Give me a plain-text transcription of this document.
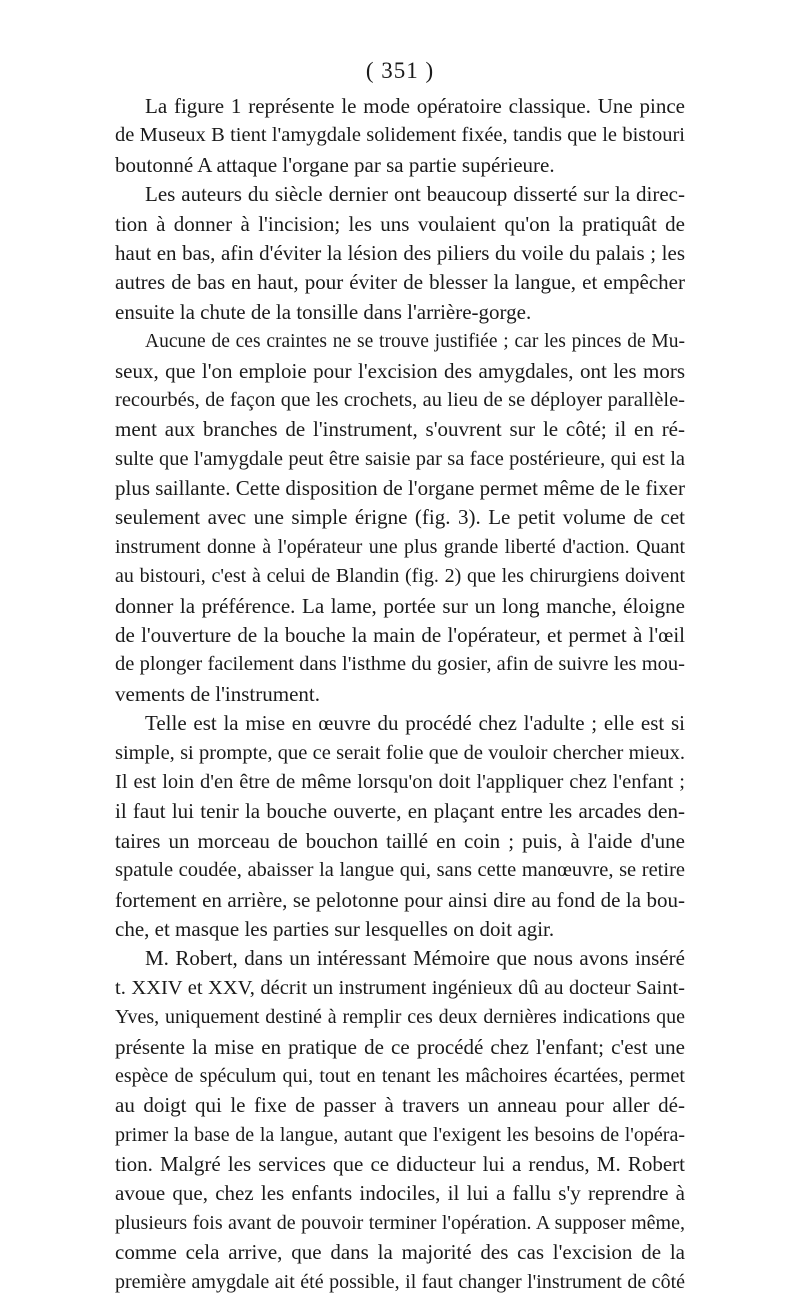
( 351 )
La figure 1 représente le mode opératoire classique. Une pince
de Museux B tient l'amygdale solidement fixée, tandis que le bistouri
boutonné A attaque l'organe par sa partie supérieure.
Les auteurs du siècle dernier ont beaucoup disserté sur la direc-
tion à donner à l'incision; les uns voulaient qu'on la pratiquât de
haut en bas, afin d'éviter la lésion des piliers du voile du palais ; les
autres de bas en haut, pour éviter de blesser la langue, et empêcher
ensuite la chute de la tonsille dans l'arrière-gorge.
Aucune de ces craintes ne se trouve justifiée ; car les pinces de Mu-
seux, que l'on emploie pour l'excision des amygdales, ont les mors
recourbés, de façon que les crochets, au lieu de se déployer parallèle-
ment aux branches de l'instrument, s'ouvrent sur le côté; il en ré-
sulte que l'amygdale peut être saisie par sa face postérieure, qui est la
plus saillante. Cette disposition de l'organe permet même de le fixer
seulement avec une simple érigne (fig. 3). Le petit volume de cet
instrument donne à l'opérateur une plus grande liberté d'action. Quant
au bistouri, c'est à celui de Blandin (fig. 2) que les chirurgiens doivent
donner la préférence. La lame, portée sur un long manche, éloigne
de l'ouverture de la bouche la main de l'opérateur, et permet à l'œil
de plonger facilement dans l'isthme du gosier, afin de suivre les mou-
vements de l'instrument.
Telle est la mise en œuvre du procédé chez l'adulte ; elle est si
simple, si prompte, que ce serait folie que de vouloir chercher mieux.
Il est loin d'en être de même lorsqu'on doit l'appliquer chez l'enfant ;
il faut lui tenir la bouche ouverte, en plaçant entre les arcades den-
taires un morceau de bouchon taillé en coin ; puis, à l'aide d'une
spatule coudée, abaisser la langue qui, sans cette manœuvre, se retire
fortement en arrière, se pelotonne pour ainsi dire au fond de la bou-
che, et masque les parties sur lesquelles on doit agir.
M. Robert, dans un intéressant Mémoire que nous avons inséré
t. XXIV et XXV, décrit un instrument ingénieux dû au docteur Saint-
Yves, uniquement destiné à remplir ces deux dernières indications que
présente la mise en pratique de ce procédé chez l'enfant; c'est une
espèce de spéculum qui, tout en tenant les mâchoires écartées, permet
au doigt qui le fixe de passer à travers un anneau pour aller dé-
primer la base de la langue, autant que l'exigent les besoins de l'opéra-
tion. Malgré les services que ce diducteur lui a rendus, M. Robert
avoue que, chez les enfants indociles, il lui a fallu s'y reprendre à
plusieurs fois avant de pouvoir terminer l'opération. A supposer même,
comme cela arrive, que dans la majorité des cas l'excision de la
première amygdale ait été possible, il faut changer l'instrument de côté
